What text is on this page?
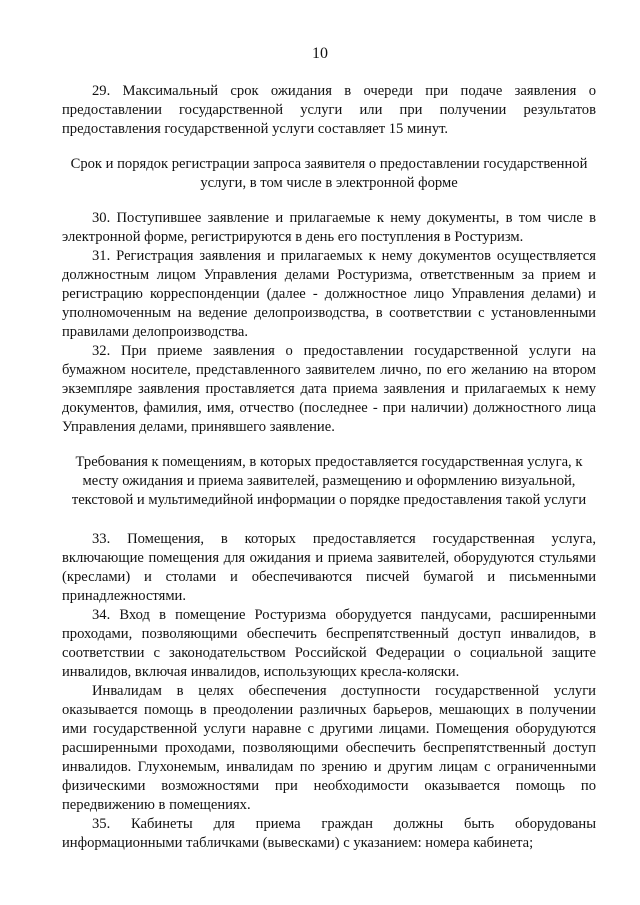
10

29. Максимальный срок ожидания в очереди при подаче заявления о предоставлении государственной услуги или при получении результатов предоставления государственной услуги составляет 15 минут.

Срок и порядок регистрации запроса заявителя о предоставлении государственной услуги, в том числе в электронной форме

30. Поступившее заявление и прилагаемые к нему документы, в том числе в электронной форме, регистрируются в день его поступления в Ростуризм.

31. Регистрация заявления и прилагаемых к нему документов осуществляется должностным лицом Управления делами Ростуризма, ответственным за прием и регистрацию корреспонденции (далее - должностное лицо Управления делами) и уполномоченным на ведение делопроизводства, в соответствии с установленными правилами делопроизводства.

32. При приеме заявления о предоставлении государственной услуги на бумажном носителе, представленного заявителем лично, по его желанию на втором экземпляре заявления проставляется дата приема заявления и прилагаемых к нему документов, фамилия, имя, отчество (последнее - при наличии) должностного лица Управления делами, принявшего заявление.

Требования к помещениям, в которых предоставляется государственная услуга, к месту ожидания и приема заявителей, размещению и оформлению визуальной, текстовой и мультимедийной информации о порядке предоставления такой услуги

33. Помещения, в которых предоставляется государственная услуга, включающие помещения для ожидания и приема заявителей, оборудуются стульями (креслами) и столами и обеспечиваются писчей бумагой и письменными принадлежностями.

34. Вход в помещение Ростуризма оборудуется пандусами, расширенными проходами, позволяющими обеспечить беспрепятственный доступ инвалидов, в соответствии с законодательством Российской Федерации о социальной защите инвалидов, включая инвалидов, использующих кресла-коляски.

Инвалидам в целях обеспечения доступности государственной услуги оказывается помощь в преодолении различных барьеров, мешающих в получении ими государственной услуги наравне с другими лицами. Помещения оборудуются расширенными проходами, позволяющими обеспечить беспрепятственный доступ инвалидов. Глухонемым, инвалидам по зрению и другим лицам с ограниченными физическими возможностями при необходимости оказывается помощь по передвижению в помещениях.

35. Кабинеты для приема граждан должны быть оборудованы информационными табличками (вывесками) с указанием: номера кабинета;
